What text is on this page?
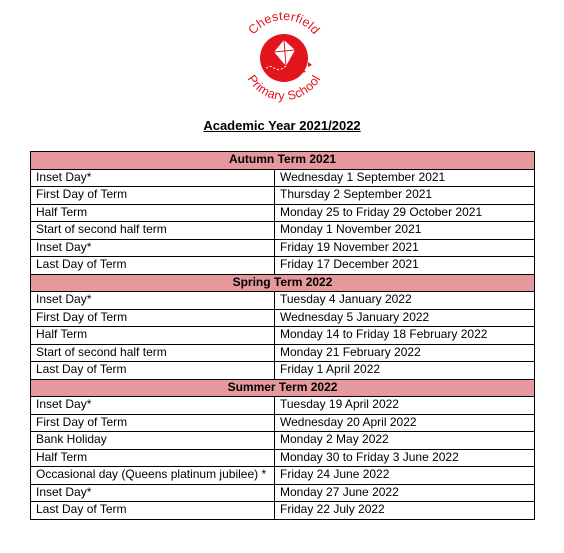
Chesterfield
Primary School
Academic Year 2021/2022
Autumn Term 2021	
Inset Day*	Wednesday 1 September 2021
First Day of Term	Thursday 2 September 2021
Half Term	Monday 25 to Friday 29 October 2021
Start of second half term	Monday 1 November 2021
Inset Day*	Friday 19 November 2021
Last Day of Term	Friday 17 December 2021
Spring Term 2022	
Inset Day*	Tuesday 4 January 2022
First Day of Term	Wednesday 5 January 2022
Half Term	Monday 14 to Friday 18 February 2022
Start of second half term	Monday 21 February 2022
Last Day of Term	Friday 1 April 2022
Summer Term 2022	
Inset Day*	Tuesday 19 April 2022
First Day of Term	Wednesday 20 April 2022
Bank Holiday	Monday 2 May 2022
Half Term	Monday 30 to Friday 3 June 2022
Occasional day (Queens platinum jubilee) *	Friday 24 June 2022
Inset Day*	Monday 27 June 2022
Last Day of Term	Friday 22 July 2022
